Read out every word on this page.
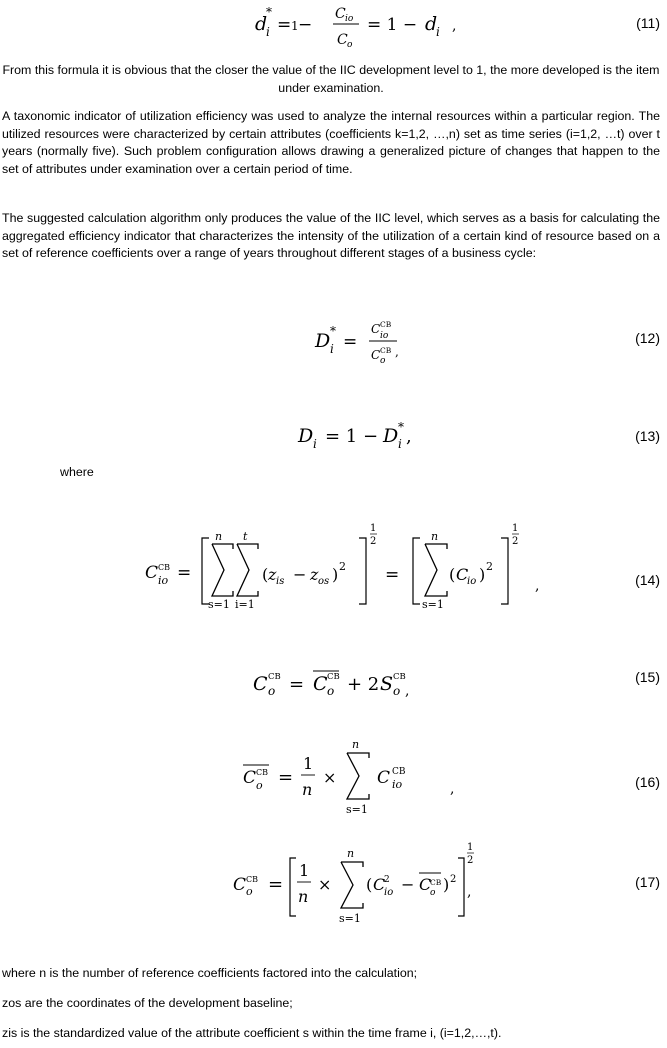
d
*
i = 1 −
C io
C o
= 1 − d
i ,	(11)

From this formula it is obvious that the closer the value of the IIC development level to 1, the more developed is the item under examination.

A taxonomic indicator of utilization efficiency was used to analyze the internal resources within a particular region. The utilized resources were characterized by certain attributes (coefficients k=1,2, …,n) set as time series (i=1,2, …t) over t years (normally five). Such problem configuration allows drawing a generalized picture of changes that happen to the set of attributes under examination over a certain period of time.

The suggested calculation algorithm only produces the value of the IIC level, which serves as a basis for calculating the aggregated efficiency indicator that characterizes the intensity of the utilization of a certain kind of resource based on a set of reference coefficients over a range of years throughout different stages of a business cycle:

D *
i =
C io
CB
C o
CB ,
(12)
D i = 1 − D *
i ,	(13)
where
C CB
io =
n
s=1
t
i=1
( z is − z os ) 2
1
2
=
n
s=1
( C
io ) 2
1
2
,	(14)
C CB
o = C CB
o + 2 S CB
o ,
(15)
C CB
o =
1
n
×
n
s=1
C CB
io	,	(16)
C CB
o =
1
n
×
n
s=1
( C
2
io − C
CB
o ) 2
1
2
,
(17)
where n is the number of reference coefficients factored into the calculation;
zos are the coordinates of the development baseline;
zis is the standardized value of the attribute coefficient s within the time frame i, (i=1,2,…,t).
